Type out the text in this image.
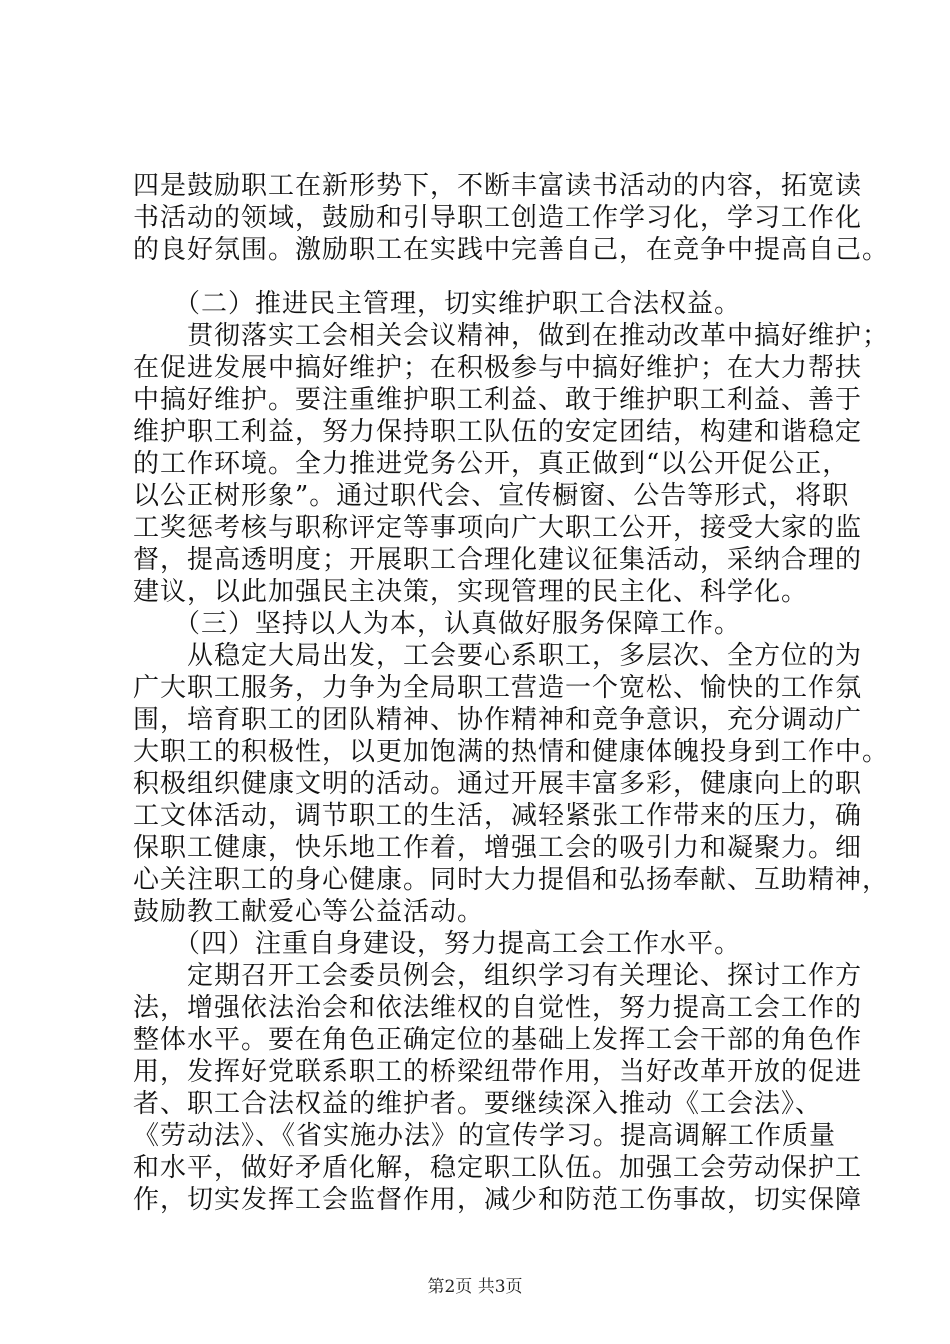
四是鼓励职工在新形势下，不断丰富读书活动的内容，拓宽读
书活动的领域，鼓励和引导职工创造工作学习化，学习工作化
的良好氛围。激励职工在实践中完善自己，在竞争中提高自己。
　　（二）推进民主管理，切实维护职工合法权益。
　　贯彻落实工会相关会议精神，做到在推动改革中搞好维护；
在促进发展中搞好维护；在积极参与中搞好维护；在大力帮扶
中搞好维护。要注重维护职工利益、敢于维护职工利益、善于
维护职工利益，努力保持职工队伍的安定团结，构建和谐稳定
的工作环境。全力推进党务公开，真正做到“以公开促公正，
以公正树形象”。通过职代会、宣传橱窗、公告等形式，将职
工奖惩考核与职称评定等事项向广大职工公开，接受大家的监
督，提高透明度；开展职工合理化建议征集活动，采纳合理的
建议，以此加强民主决策，实现管理的民主化、科学化。
　　（三）坚持以人为本，认真做好服务保障工作。
　　从稳定大局出发，工会要心系职工，多层次、全方位的为
广大职工服务，力争为全局职工营造一个宽松、愉快的工作氛
围，培育职工的团队精神、协作精神和竞争意识，充分调动广
大职工的积极性，以更加饱满的热情和健康体魄投身到工作中。
积极组织健康文明的活动。通过开展丰富多彩，健康向上的职
工文体活动，调节职工的生活，减轻紧张工作带来的压力，确
保职工健康，快乐地工作着，增强工会的吸引力和凝聚力。细
心关注职工的身心健康。同时大力提倡和弘扬奉献、互助精神，
鼓励教工献爱心等公益活动。
　　（四）注重自身建设，努力提高工会工作水平。
　　定期召开工会委员例会，组织学习有关理论、探讨工作方
法，增强依法治会和依法维权的自觉性，努力提高工会工作的
整体水平。要在角色正确定位的基础上发挥工会干部的角色作
用，发挥好党联系职工的桥梁纽带作用，当好改革开放的促进
者、职工合法权益的维护者。要继续深入推动《工会法》、
《劳动法》、《省实施办法》的宣传学习。提高调解工作质量
和水平，做好矛盾化解，稳定职工队伍。加强工会劳动保护工
作，切实发挥工会监督作用，减少和防范工伤事故，切实保障
第2页 共3页
